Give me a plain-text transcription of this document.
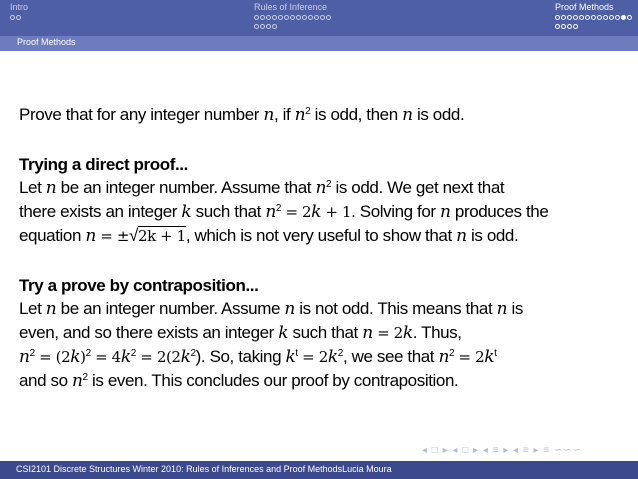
Intro	Rules of Inference	Proof Methods
Proof Methods

Prove that for any integer number n, if $n^2$ is odd, then n is odd.

Trying a direct proof...

Let n be an integer number. Assume that $n^2$ is odd. We get next that

there exists an integer k such that $n^2 = 2k + 1$. Solving for n produces the

equation n = ±√2k + 1, which is not very useful to show that n is odd.

Try a prove by contraposition...

Let n be an integer number. Assume n is not odd. This means that n is

even, and so there exists an integer k such that n = 2k. Thus,

$n^2 = (2k)^2 = 4k^2 = 2(2k^2)$. So, taking $k^t = 2k^2$, we see that $n^2 = 2k^t$

and so $n^2$ is even. This concludes our proof by contraposition.

◂ □ ▸ ◂ □ ▸ ◂ ≡ ▸ ◂ ≡ ▸ ≡ ∽∽∽
CSI2101 Discrete Structures Winter 2010: Rules of Inferences and Proof MethodsLucia Moura
